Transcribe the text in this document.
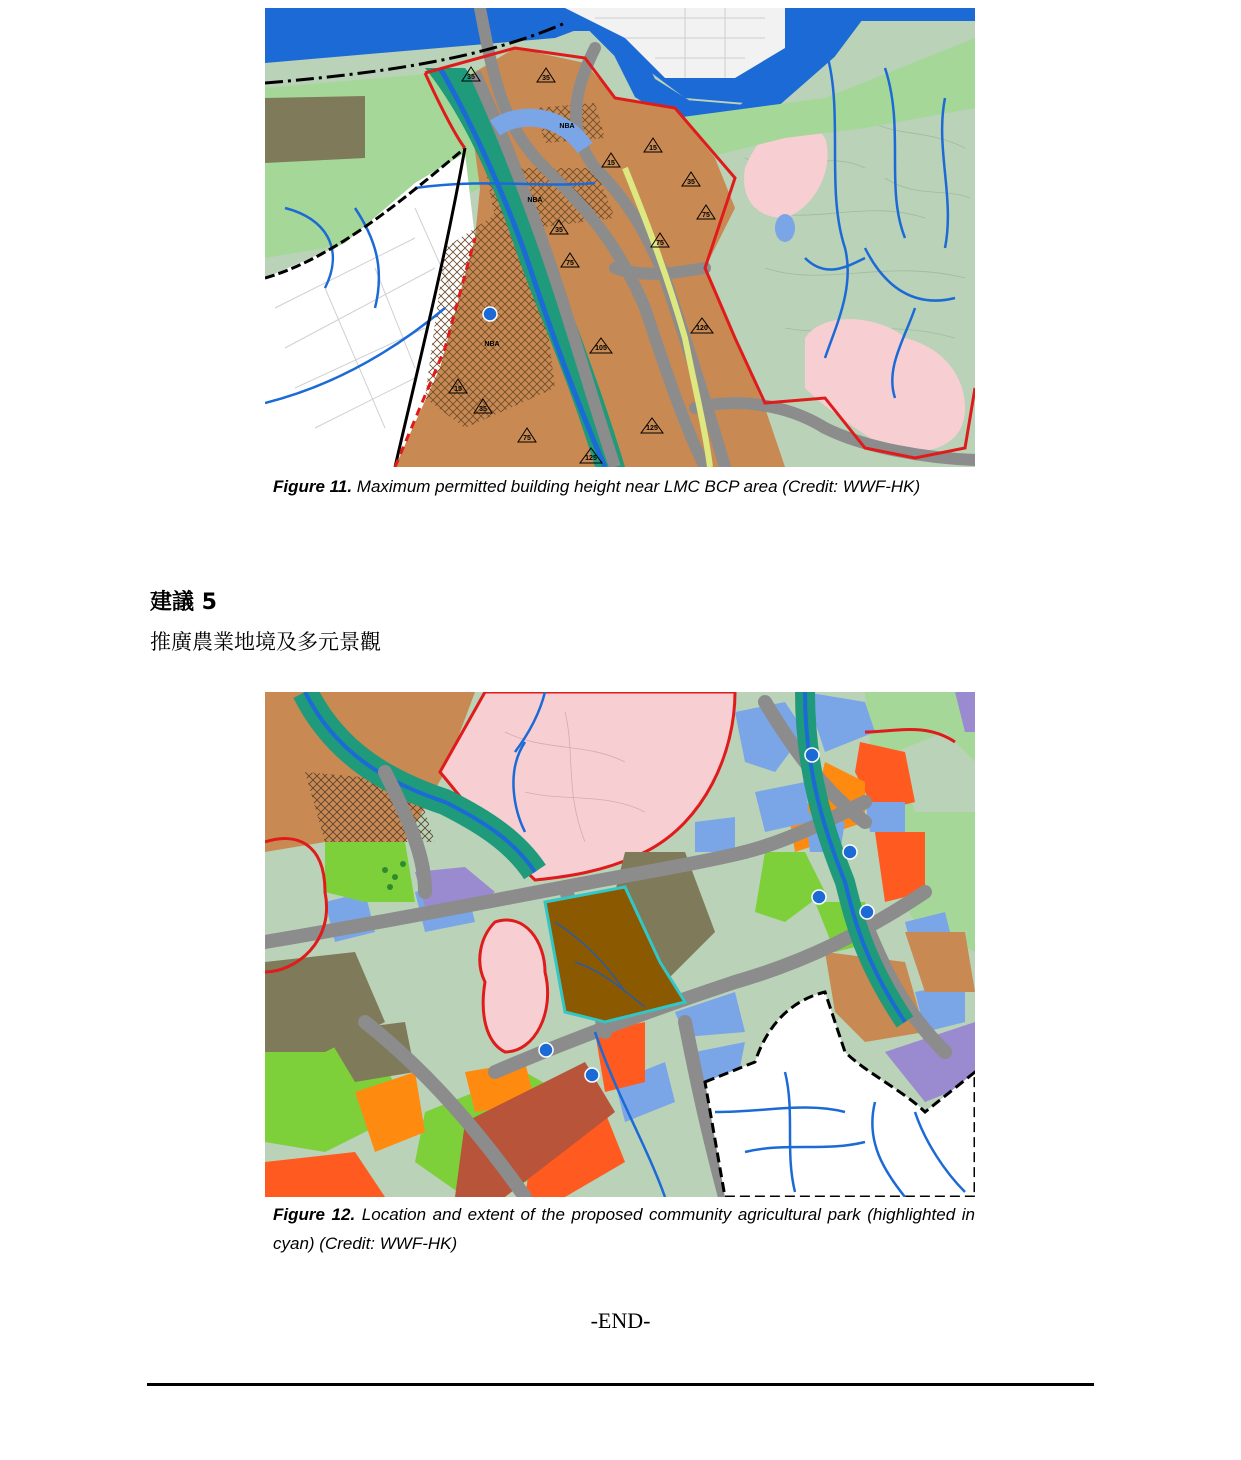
35	35
NBA
15
15
35
NBA
75
35
75
75
120
NBA
105
15
35
75
125
125
Figure 11. Maximum permitted building height near LMC BCP area (Credit: WWF-HK)
建議 5
推廣農業地境及多元景觀
Figure 12. Location and extent of the proposed community agricultural park (highlighted in cyan) (Credit: WWF-HK)
-END-
